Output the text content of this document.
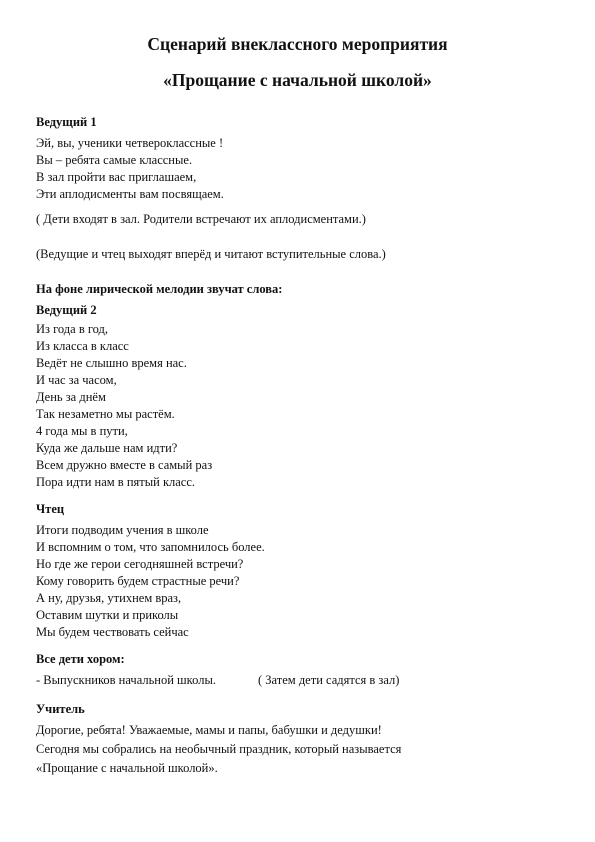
Сценарий внеклассного мероприятия
«Прощание с начальной школой»

Ведущий 1

Эй, вы, ученики четвероклассные !

Вы – ребята самые классные.

В зал пройти вас приглашаем,

Эти аплодисменты вам посвящаем.

( Дети входят в зал. Родители встречают их аплодисментами.)

(Ведущие и чтец выходят вперёд и читают вступительные слова.)

На фоне лирической мелодии звучат слова:

Ведущий 2

Из года в год,

Из класса в класс

Ведёт не слышно время нас.

И час за часом,

День за днём

Так незаметно мы растём.

4 года мы в пути,

Куда же дальше нам идти?

Всем дружно вместе в самый раз

Пора идти нам в пятый класс.

Чтец

Итоги подводим учения в школе

И вспомним о том, что запомнилось более.

Но где же герои сегодняшней встречи?

Кому говорить будем страстные речи?

А ну, друзья, утихнем враз,

Оставим шутки и приколы

Мы будем чествовать сейчас

Все дети хором:

- Выпускников начальной школы.	( Затем дети садятся в зал)

Учитель

Дорогие, ребята! Уважаемые, мамы и папы, бабушки и дедушки!

Сегодня мы собрались на необычный праздник, который называется

«Прощание с начальной школой».
